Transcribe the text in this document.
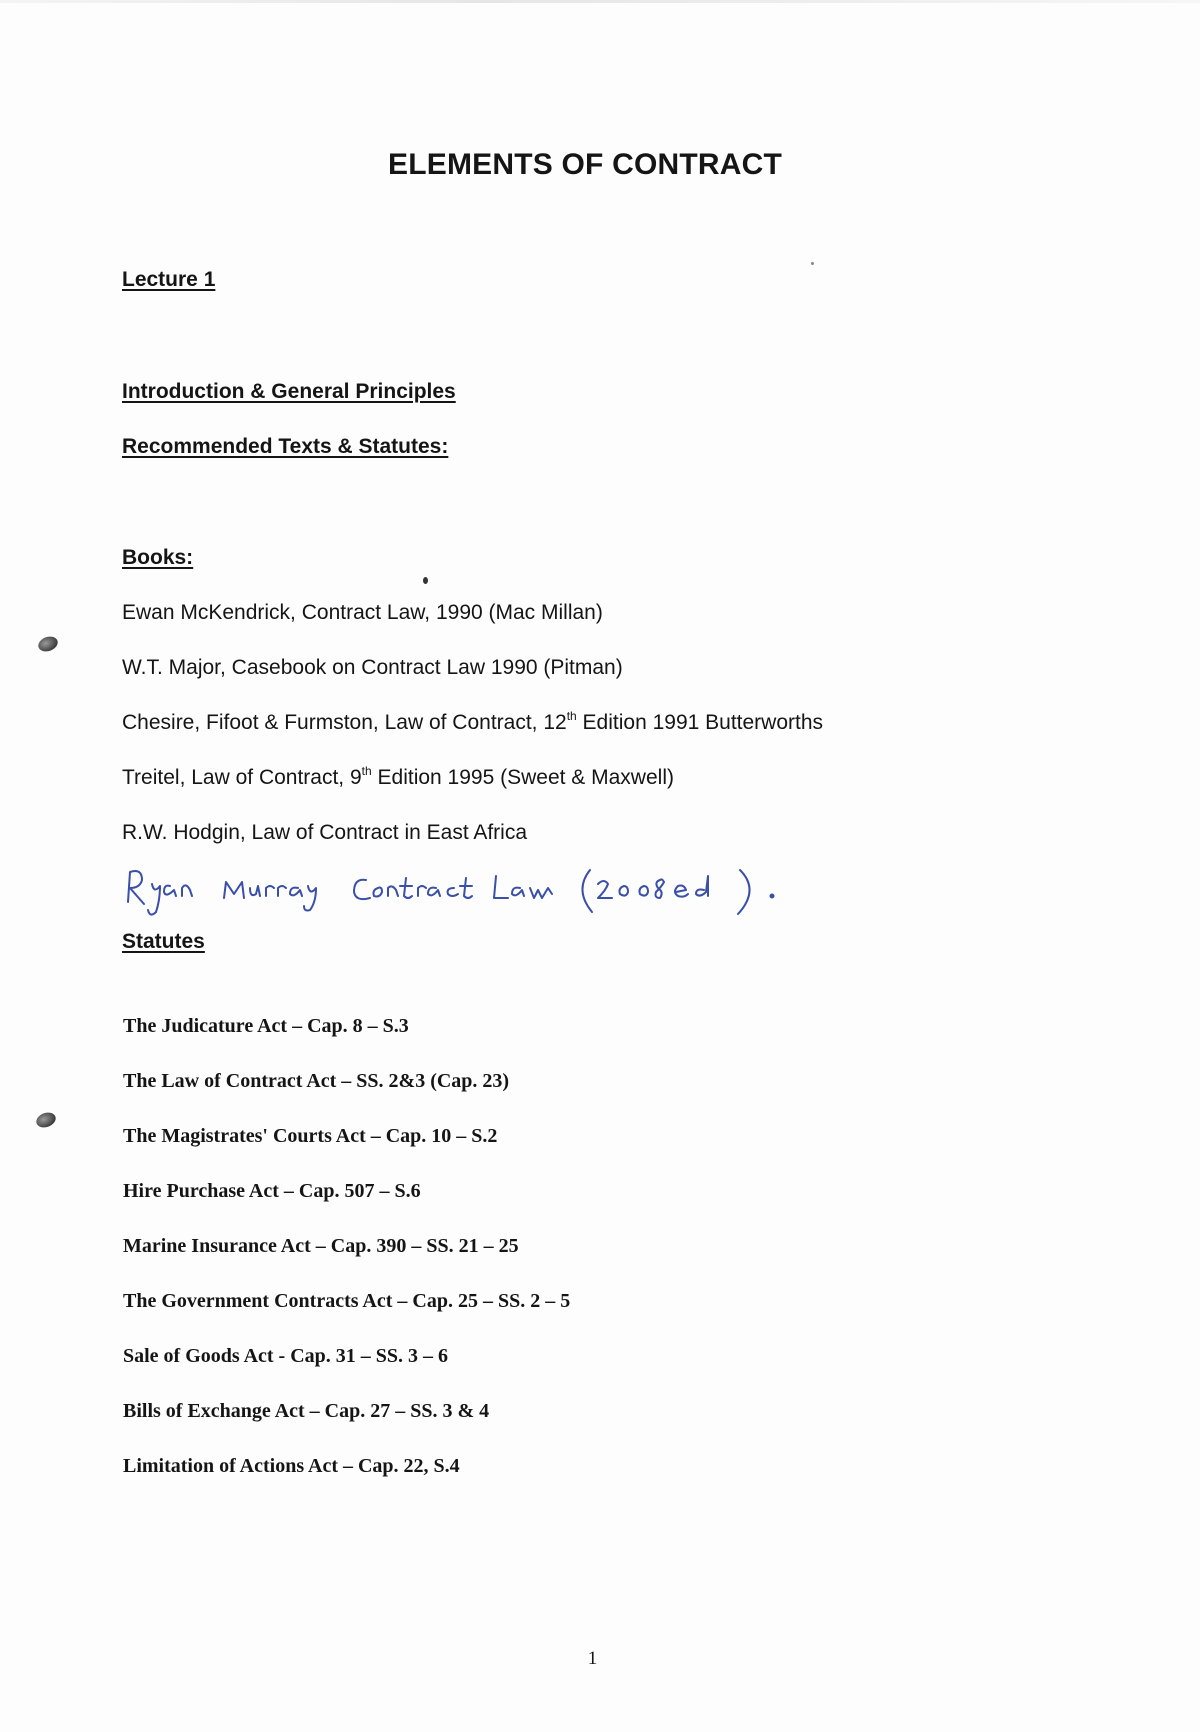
ELEMENTS OF CONTRACT

Lecture 1

Introduction & General Principles

Recommended Texts & Statutes:

Books:

Ewan McKendrick, Contract Law, 1990 (Mac Millan)

W.T. Major, Casebook on Contract Law 1990 (Pitman)

Chesire, Fifoot & Furmston, Law of Contract, 12th Edition 1991 Butterworths

Treitel, Law of Contract, 9th Edition 1995 (Sweet & Maxwell)

R.W. Hodgin, Law of Contract in East Africa

Statutes

The Judicature Act – Cap. 8 – S.3

The Law of Contract Act – SS. 2&3 (Cap. 23)

The Magistrates' Courts Act – Cap. 10 – S.2

Hire Purchase Act – Cap. 507 – S.6

Marine Insurance Act – Cap. 390 – SS. 21 – 25

The Government Contracts Act – Cap. 25 – SS. 2 – 5

Sale of Goods Act - Cap. 31 – SS. 3 – 6

Bills of Exchange Act – Cap. 27 – SS. 3 & 4

Limitation of Actions Act – Cap. 22, S.4

1
